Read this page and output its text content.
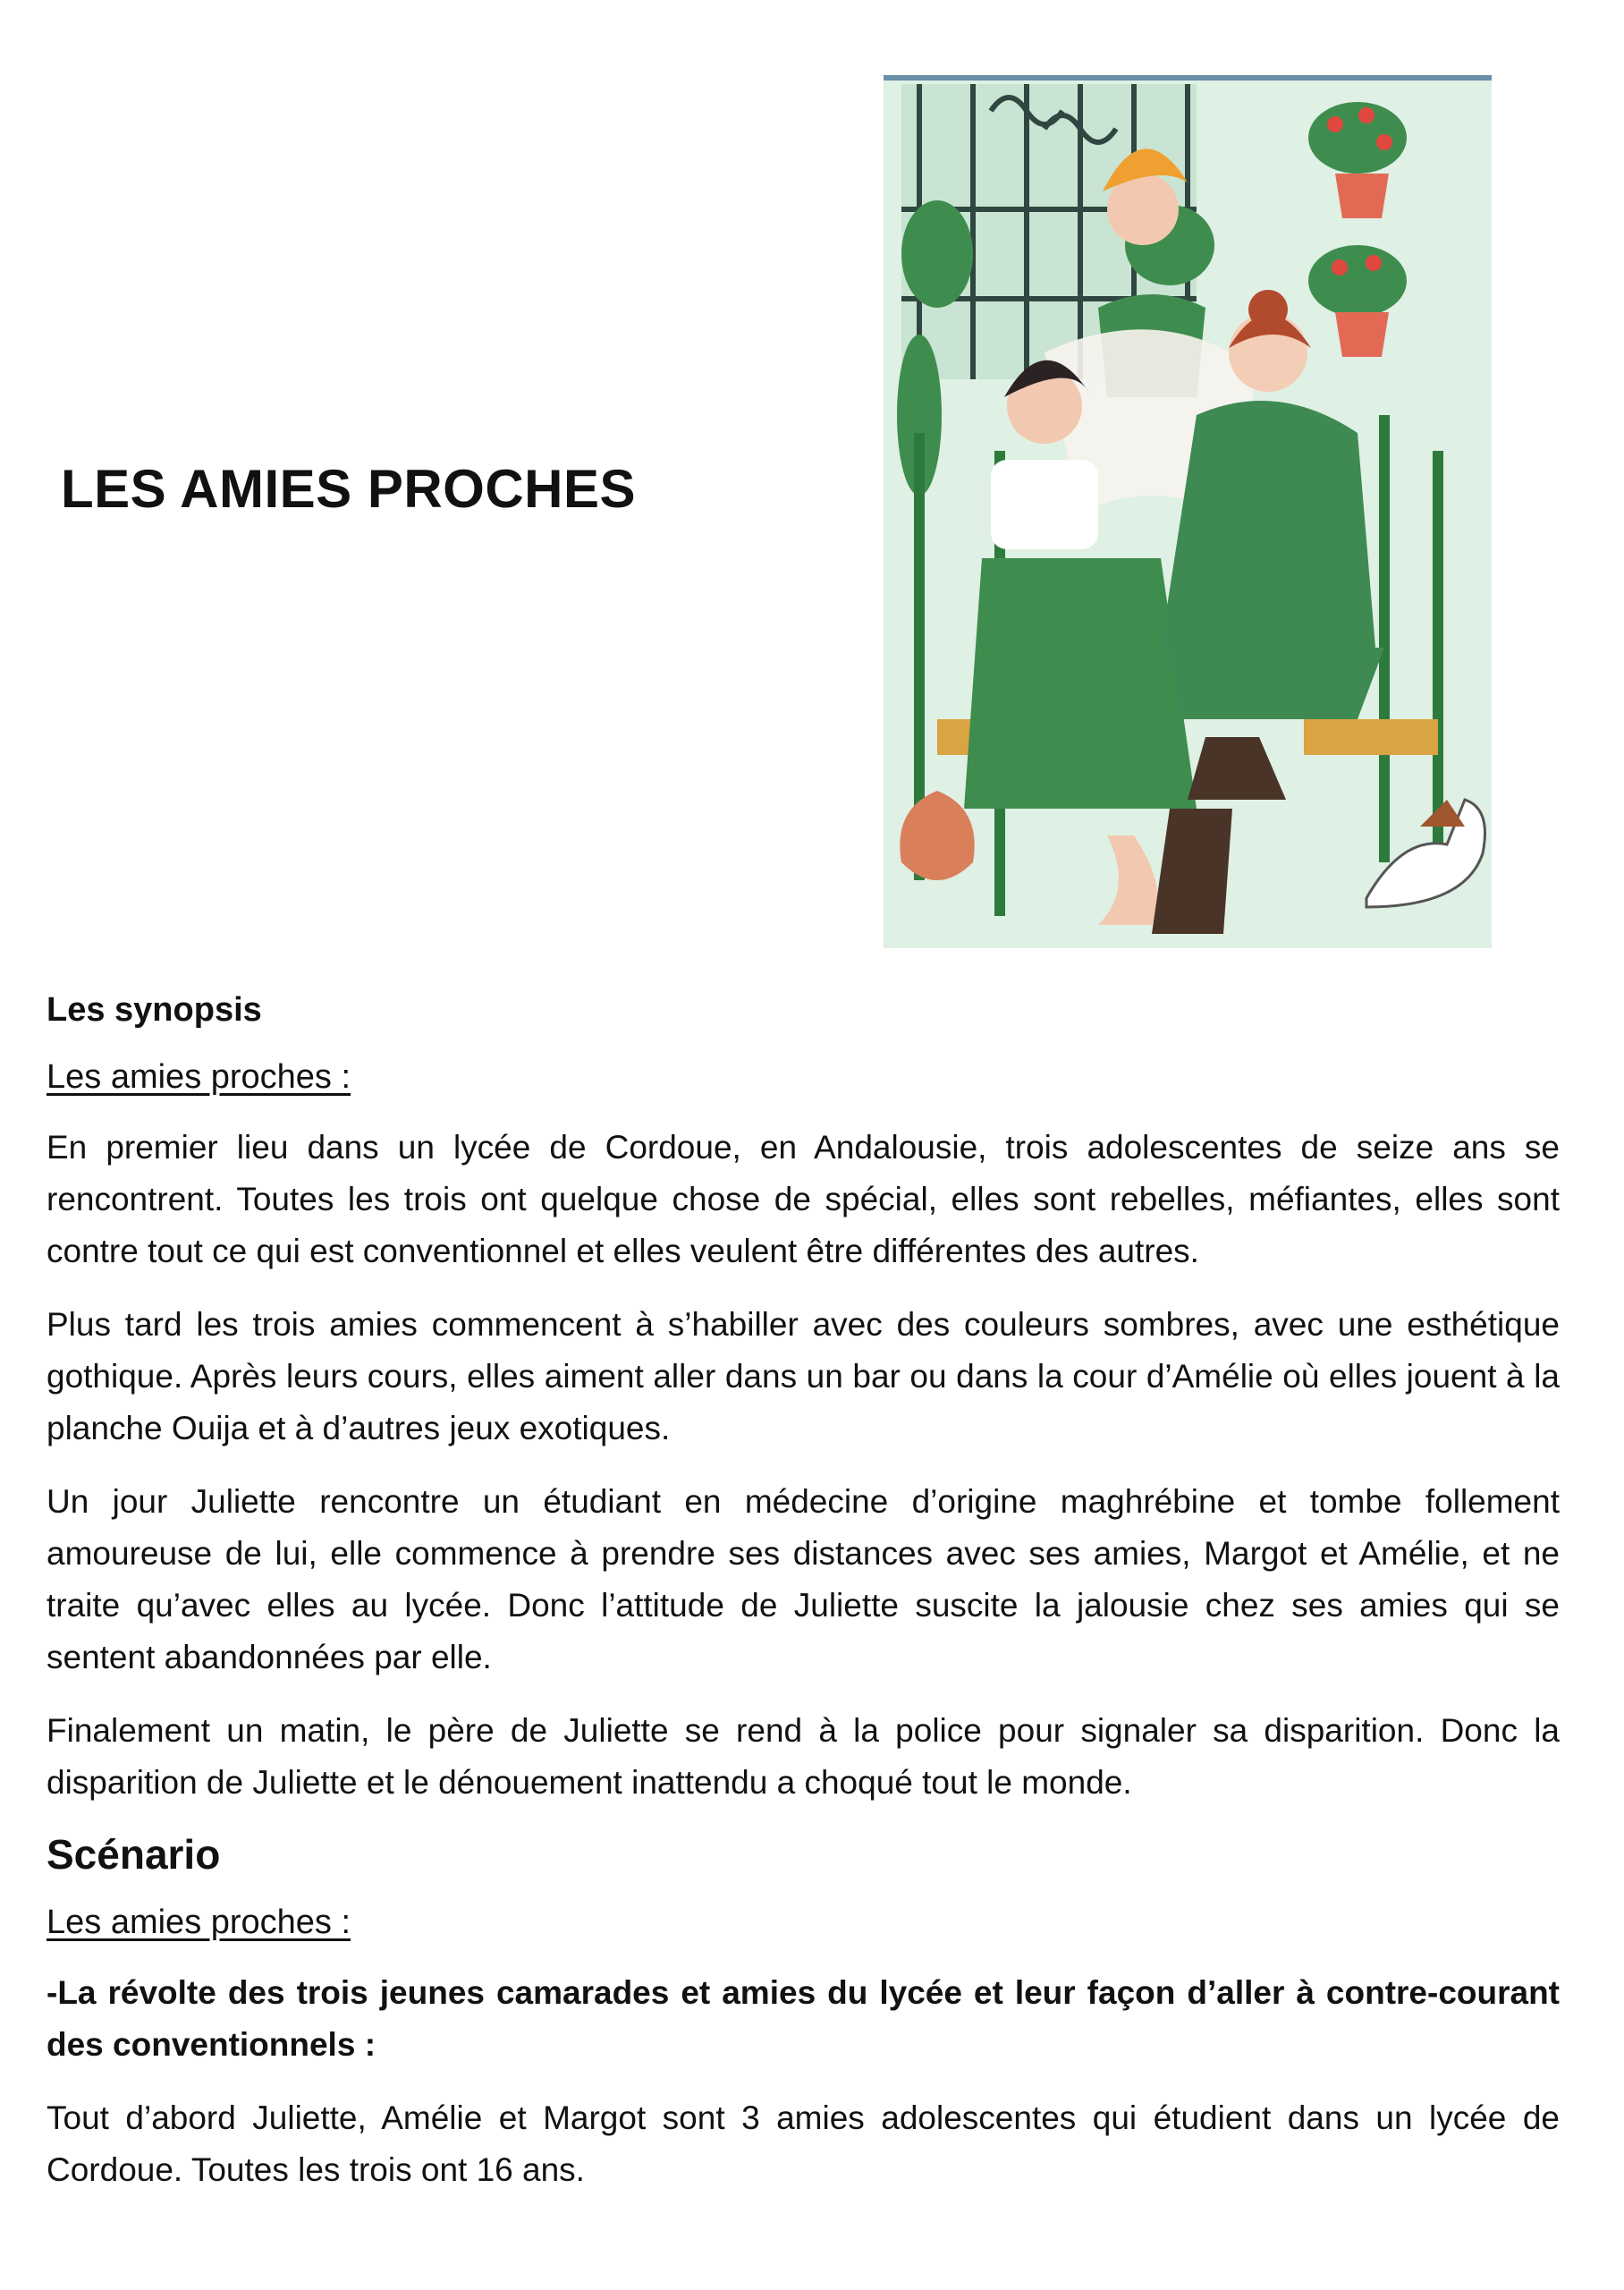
LES AMIES PROCHES

Les synopsis

Les amies proches :

En premier lieu dans un lycée de Cordoue, en Andalousie, trois adolescentes de seize ans se rencontrent. Toutes les trois ont quelque chose de spécial, elles sont rebelles, méfiantes, elles sont contre tout ce qui est conventionnel et elles veulent être différentes des autres.

Plus tard les trois amies commencent à s’habiller avec des couleurs sombres, avec une esthétique gothique. Après leurs cours, elles aiment aller dans un bar ou dans la cour d’Amélie où elles jouent à la planche Ouija et à d’autres jeux exotiques.

Un jour Juliette rencontre un étudiant en médecine d’origine maghrébine et tombe follement amoureuse de lui, elle commence à prendre ses distances avec ses amies, Margot et Amélie, et ne traite qu’avec elles au lycée. Donc l’attitude de Juliette suscite la jalousie chez ses amies qui se sentent abandonnées par elle.

Finalement un matin, le père de Juliette se rend à la police pour signaler sa disparition. Donc la disparition de Juliette et le dénouement inattendu a choqué tout le monde.

Scénario

Les amies proches :

-La révolte des trois jeunes camarades et amies du lycée et leur façon d’aller à contre-courant des conventionnels :

Tout d’abord Juliette, Amélie et Margot sont 3 amies adolescentes qui étudient dans un lycée de Cordoue. Toutes les trois ont 16 ans.
